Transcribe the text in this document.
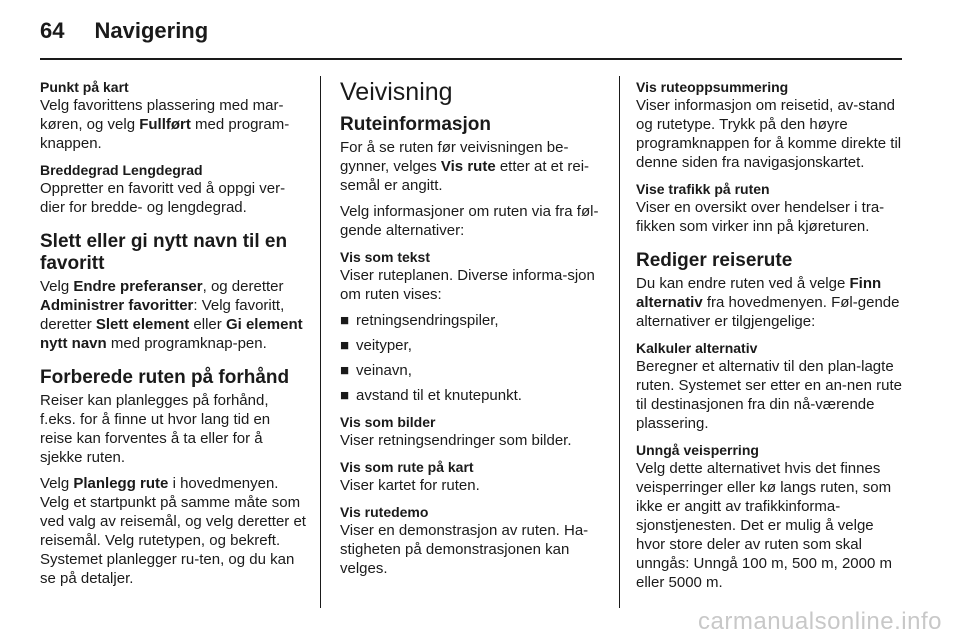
64 Navigering
Punkt på kart

Velg favorittens plassering med mar-køren, og velg Fullført med program-knappen.

Breddegrad Lengdegrad

Oppretter en favoritt ved å oppgi ver-dier for bredde- og lengdegrad.

Slett eller gi nytt navn til en favoritt

Velg Endre preferanser, og deretter Administrer favoritter: Velg favoritt, deretter Slett element eller Gi element nytt navn med programknap-pen.

Forberede ruten på forhånd

Reiser kan planlegges på forhånd, f.eks. for å finne ut hvor lang tid en reise kan forventes å ta eller for å sjekke ruten.

Velg Planlegg rute i hovedmenyen. Velg et startpunkt på samme måte som ved valg av reisemål, og velg deretter et reisemål. Velg rutetypen, og bekreft. Systemet planlegger ru-ten, og du kan se på detaljer.

Veivisning
Ruteinformasjon

For å se ruten før veivisningen be-gynner, velges Vis rute etter at et rei-semål er angitt.

Velg informasjoner om ruten via fra føl-gende alternativer:

Vis som tekst

Viser ruteplanen. Diverse informa-sjon om ruten vises:

■ retningsendringspiler,
■ veityper,
■ veinavn,
■ avstand til et knutepunkt.
Vis som bilder

Viser retningsendringer som bilder.

Vis som rute på kart

Viser kartet for ruten.

Vis rutedemo

Viser en demonstrasjon av ruten. Ha-stigheten på demonstrasjonen kan velges.

Vis ruteoppsummering

Viser informasjon om reisetid, av-stand og rutetype. Trykk på den høyre programknappen for å komme direkte til denne siden fra navigasjonskartet.

Vise trafikk på ruten

Viser en oversikt over hendelser i tra-fikken som virker inn på kjøreturen.

Rediger reiserute

Du kan endre ruten ved å velge Finn alternativ fra hovedmenyen. Føl-gende alternativer er tilgjengelige:

Kalkuler alternativ

Beregner et alternativ til den plan-lagte ruten. Systemet ser etter en an-nen rute til destinasjonen fra din nå-værende plassering.

Unngå veisperring

Velg dette alternativet hvis det finnes veisperringer eller kø langs ruten, som ikke er angitt av trafikkinforma-sjonstjenesten. Det er mulig å velge hvor store deler av ruten som skal unngås: Unngå 100 m, 500 m, 2000 m eller 5000 m.

carmanualsonline.info
